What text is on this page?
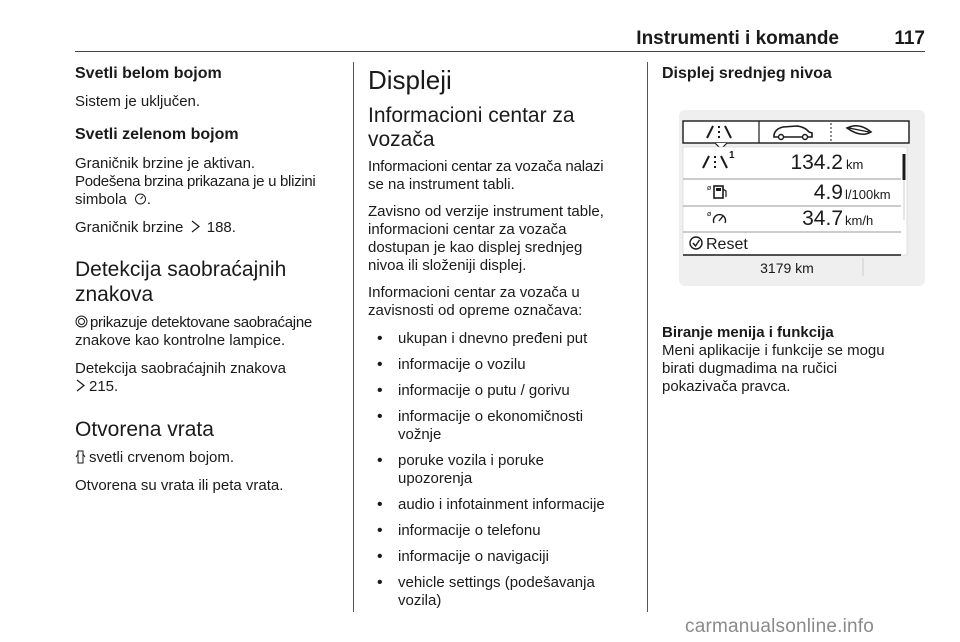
Instrumenti i komande	117
Svetli belom bojom
Sistem je uključen.
Svetli zelenom bojom
Graničnik brzine je aktivan.
Podešena brzina prikazana je u blizini
simbola .
Graničnik brzine 188.
Detekcija saobraćajnih
znakova
prikazuje detektovane saobraćajne
znakove kao kontrolne lampice.
Detekcija saobraćajnih znakova
215.
Otvorena vrata
svetli crvenom bojom.
Otvorena su vrata ili peta vrata.
Displeji
Informacioni centar za
vozača
Informacioni centar za vozača nalazi
se na instrument tabli.
Zavisno od verzije instrument table,
informacioni centar za vozača
dostupan je kao displej srednjeg
nivoa ili složeniji displej.
Informacioni centar za vozača u
zavisnosti od opreme označava:
• ukupan i dnevno pređeni put
• informacije o vozilu
• informacije o putu / gorivu
• informacije o ekonomičnosti
vožnje
• poruke vozila i poruke
upozorenja
• audio i infotainment informacije
• informacije o telefonu
• informacije o navigaciji
• vehicle settings (podešavanja
vozila)
Displej srednjeg nivoa
1	134.2 km
ø	4.9 l/100km
ø	34.7 km/h
Reset
3179 km
Biranje menija i funkcija
Meni aplikacije i funkcije se mogu
birati dugmadima na ručici
pokazivača pravca.
carmanualsonline.info
